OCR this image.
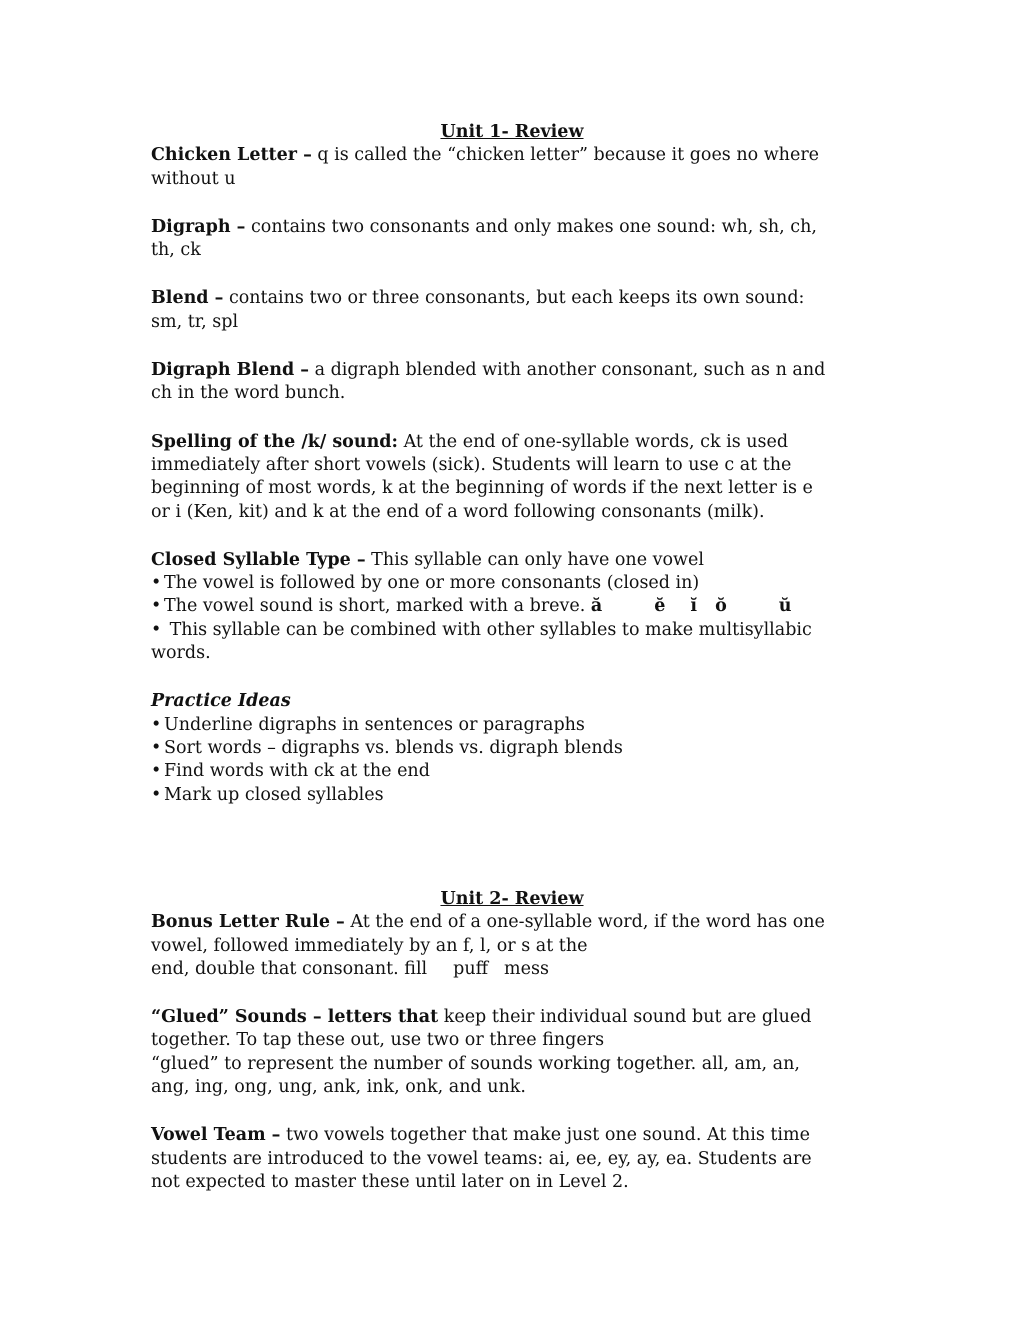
Unit 1- Review

Chicken Letter – q is called the “chicken letter” because it goes no where
without u
Digraph – contains two consonants and only makes one sound: wh, sh, ch,
th, ck
Blend – contains two or three consonants, but each keeps its own sound:
sm, tr, spl
Digraph Blend – a digraph blended with another consonant, such as n and
ch in the word bunch.
Spelling of the /k/ sound: At the end of one-syllable words, ck is used
immediately after short vowels (sick). Students will learn to use c at the
beginning of most words, k at the beginning of words if the next letter is e
or i (Ken, kit) and k at the end of a word following consonants (milk).
Closed Syllable Type – This syllable can only have one vowel
• The vowel is followed by one or more consonants (closed in)
• The vowel sound is short, marked with a breve. ă	ĕ ĭ ŏ	ŭ
• This syllable can be combined with other syllables to make multisyllabic
words.
Practice Ideas
• Underline digraphs in sentences or paragraphs
• Sort words – digraphs vs. blends vs. digraph blends
• Find words with ck at the end
• Mark up closed syllables

Unit 2- Review

Bonus Letter Rule – At the end of a one-syllable word, if the word has one
vowel, followed immediately by an f, l, or s at the
end, double that consonant. fill puff mess
“Glued” Sounds – letters that keep their individual sound but are glued
together. To tap these out, use two or three fingers
“glued” to represent the number of sounds working together. all, am, an,
ang, ing, ong, ung, ank, ink, onk, and unk.
Vowel Team – two vowels together that make just one sound. At this time
students are introduced to the vowel teams: ai, ee, ey, ay, ea. Students are
not expected to master these until later on in Level 2.
